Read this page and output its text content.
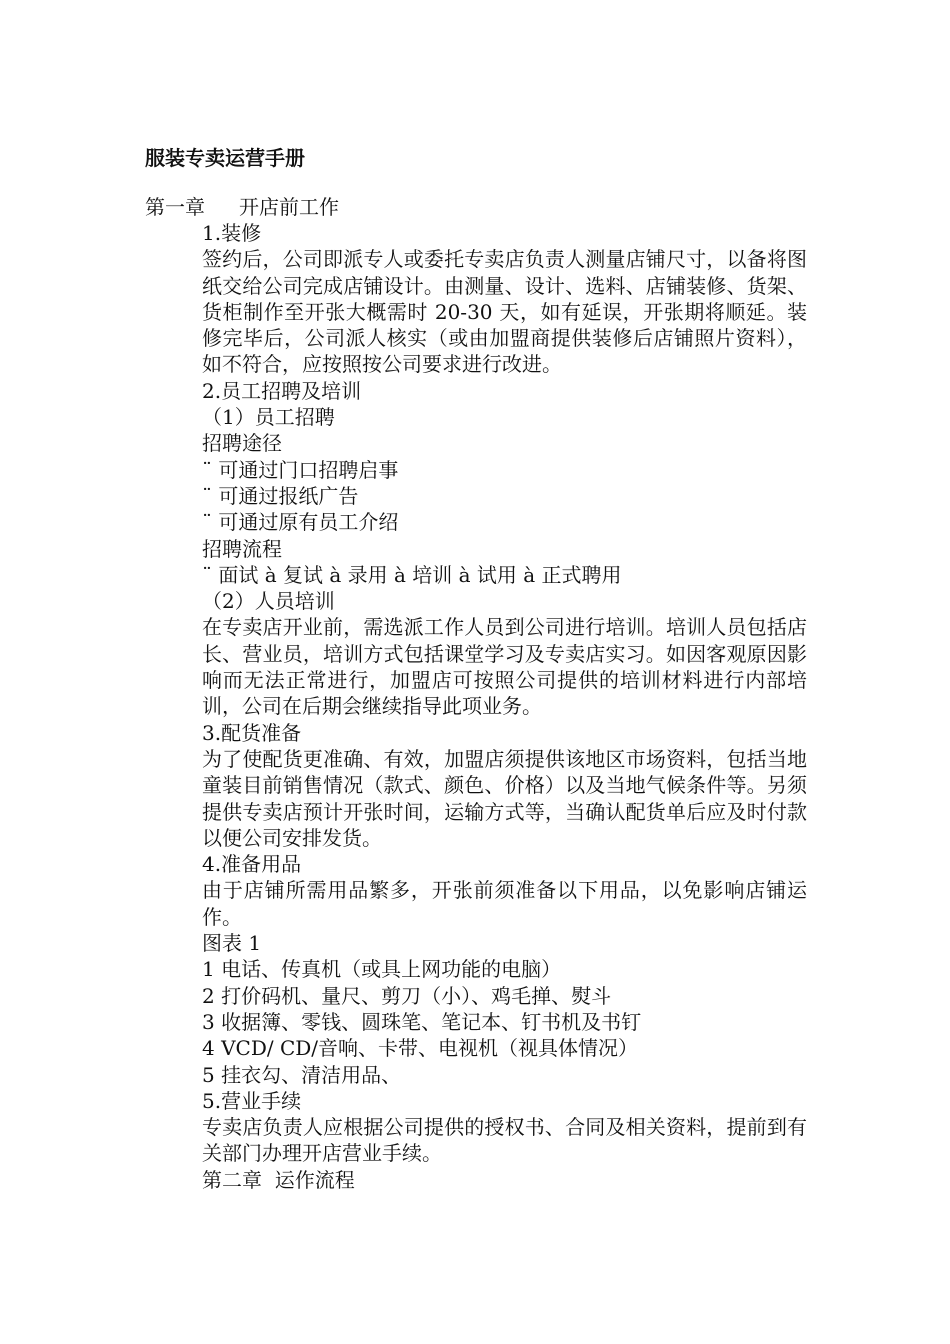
服装专卖运营手册
第一章 开店前工作

1.装修

签约后，公司即派专人或委托专卖店负责人测量店铺尺寸，以备将图纸交给公司完成店铺设计。由测量、设计、选料、店铺装修、货架、货柜制作至开张大概需时 20-30 天，如有延误，开张期将顺延。装修完毕后，公司派人核实（或由加盟商提供装修后店铺照片资料），如不符合，应按照按公司要求进行改进。

2.员工招聘及培训

（1）员工招聘

招聘途径

¨ 可通过门口招聘启事

¨ 可通过报纸广告

¨ 可通过原有员工介绍

招聘流程

¨ 面试 à 复试 à 录用 à 培训 à 试用 à 正式聘用

（2）人员培训

在专卖店开业前，需选派工作人员到公司进行培训。培训人员包括店长、营业员，培训方式包括课堂学习及专卖店实习。如因客观原因影响而无法正常进行，加盟店可按照公司提供的培训材料进行内部培训，公司在后期会继续指导此项业务。

3.配货准备

为了使配货更准确、有效，加盟店须提供该地区市场资料，包括当地童装目前销售情况（款式、颜色、价格）以及当地气候条件等。另须提供专卖店预计开张时间，运输方式等，当确认配货单后应及时付款以便公司安排发货。

4.准备用品

由于店铺所需用品繁多，开张前须准备以下用品，以免影响店铺运作。

图表 1

1 电话、传真机（或具上网功能的电脑）

2 打价码机、量尺、剪刀（小）、鸡毛掸、熨斗

3 收据簿、零钱、圆珠笔、笔记本、钉书机及书钉

4 VCD/ CD/音响、卡带、电视机（视具体情况）

5 挂衣勾、清洁用品、

5.营业手续

专卖店负责人应根据公司提供的授权书、合同及相关资料，提前到有关部门办理开店营业手续。

第二章  运作流程
